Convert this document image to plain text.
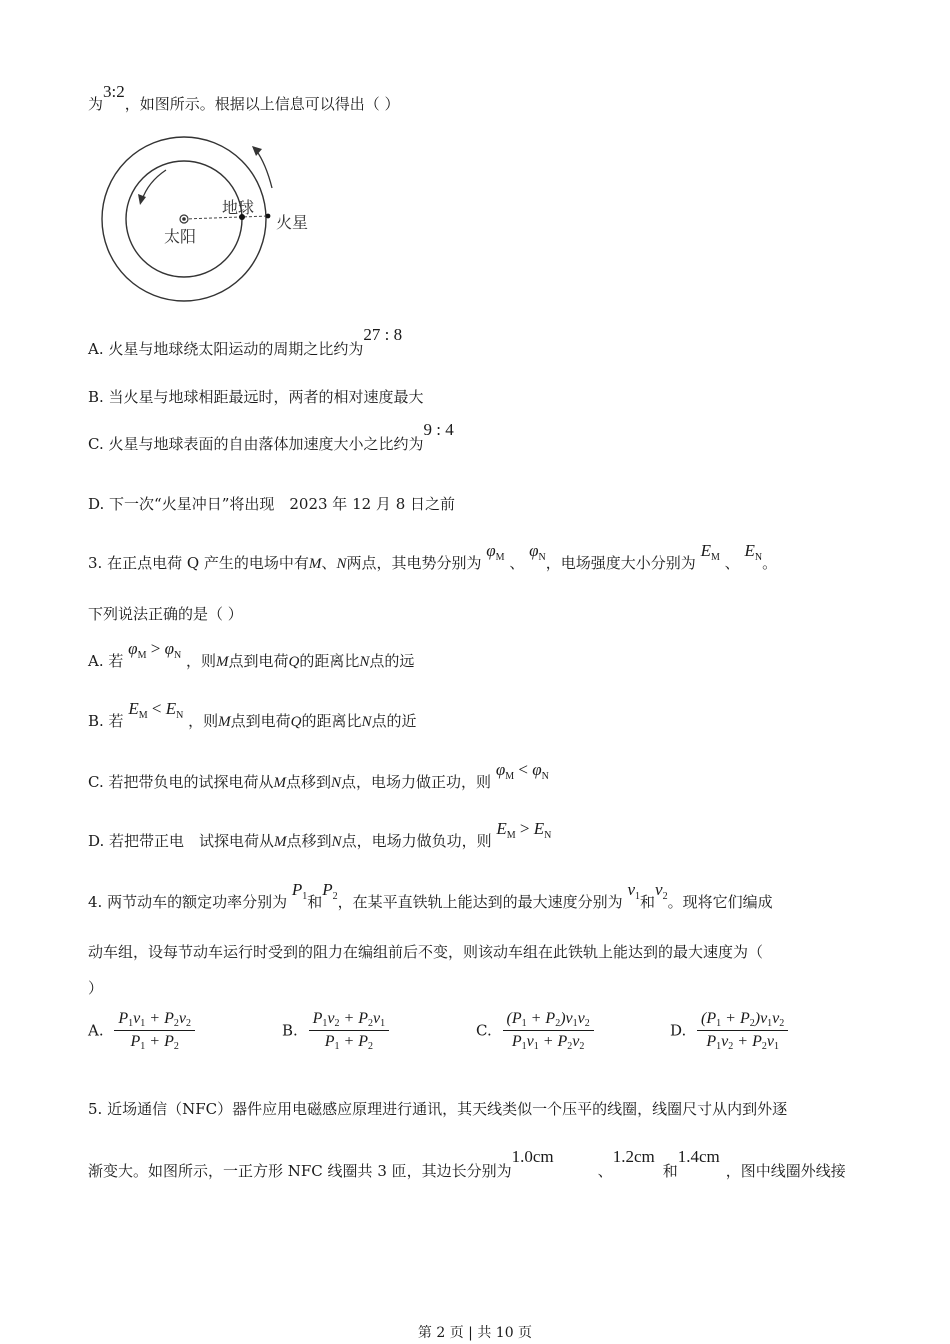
为3:2，如图所示。根据以上信息可以得出（ ）
太阳
地球
火星
A. 火星与地球绕太阳运动的周期之比约为27 : 8
B. 当火星与地球相距最远时，两者的相对速度最大
C. 火星与地球表面的自由落体加速度大小之比约为9 : 4
D. 下一次“火星冲日”将出现　2023 年 12 月 8 日之前
3. 在正点电荷 Q 产生的电场中有M、N两点，其电势分别为 $\varphi_M$ 、 $\varphi_N$，电场强度大小分别为 $E_M$ 、 $E_N$。
下列说法正确的是（ ）
A. 若 $\varphi_M > \varphi_N$ ，则M点到电荷Q的距离比N点的远
B. 若 $E_M < E_N$ ，则M点到电荷Q的距离比N点的近
C. 若把带负电的试探电荷从M点移到N点，电场力做正功，则 $\varphi_M < \varphi_N$
D. 若把带正电　试探电荷从M点移到N点，电场力做负功，则 $E_M > E_N$
4. 两节动车的额定功率分别为 $P_1$和$P_2$，在某平直铁轨上能达到的最大速度分别为 $v_1$和$v_2$。现将它们编成
动车组，设每节动车运行时受到的阻力在编组前后不变，则该动车组在此铁轨上能达到的最大速度为（
）
A. $\frac{P1v1 + P2v2}{P1 + P2}$	B. $\frac{P1v2 + P2v1}{P1 + P2}$	C. $\frac{(P1 + P2)v1v2}{P1v1 + P2v2}$	D. $\frac{(P1 + P2)v1v2}{P1v2 + P2v1}$
5. 近场通信（NFC）器件应用电磁感应原理进行通讯，其天线类似一个压平的线圈，线圈尺寸从内到外逐
渐变大。如图所示，一正方形 NFC 线圈共 3 匝，其边长分别为1.0cm、1.2cm和1.4cm，图中线圈外线接
第 2 页 | 共 10 页
